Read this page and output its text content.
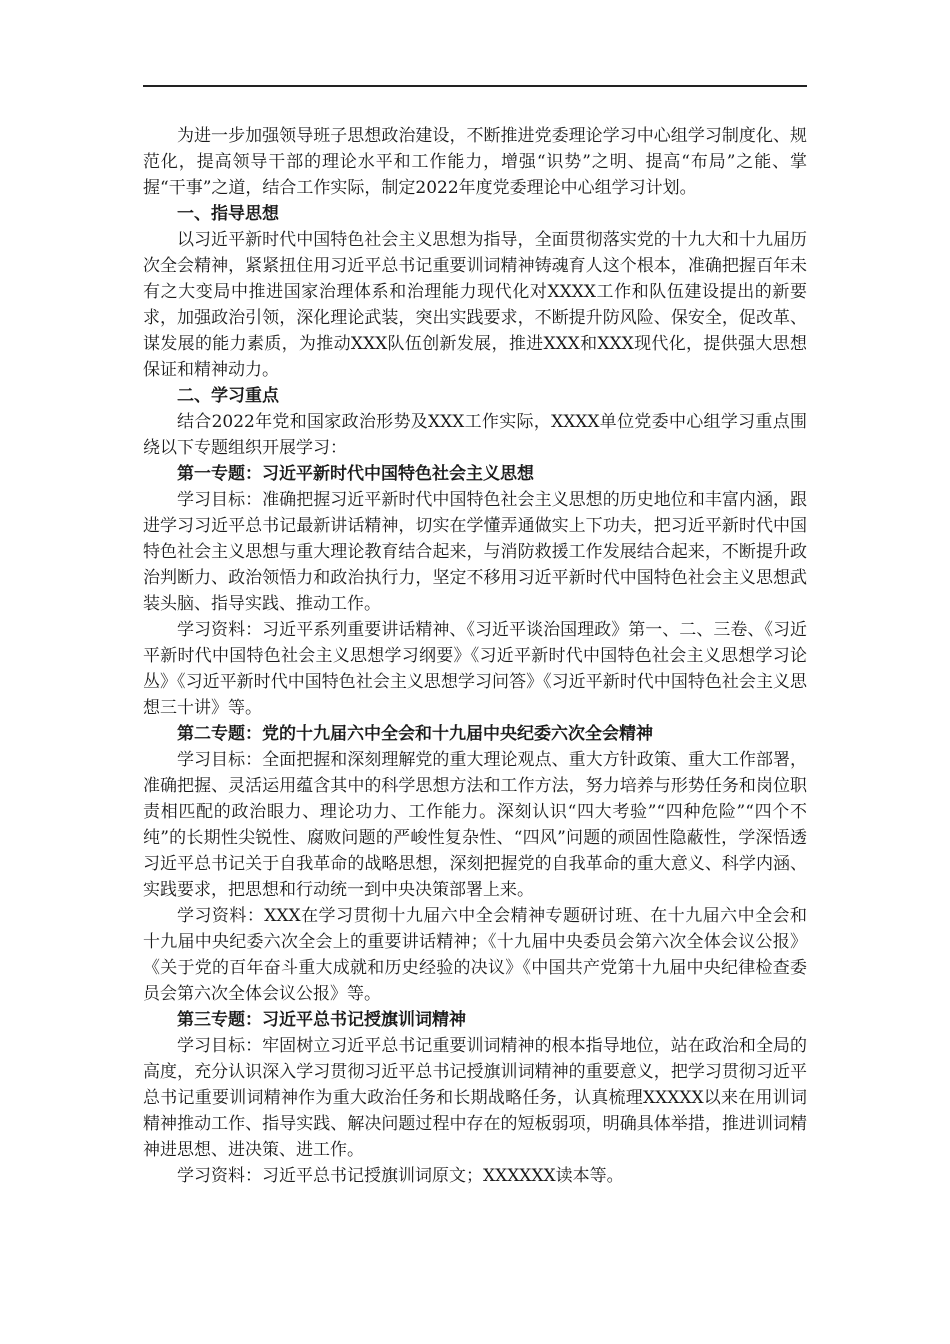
为进一步加强领导班子思想政治建设，不断推进党委理论学习中心组学习制度化、规范化，提高领导干部的理论水平和工作能力，增强“识势”之明、提高“布局”之能、掌握“干事”之道，结合工作实际，制定2022年度党委理论中心组学习计划。

一、指导思想

以习近平新时代中国特色社会主义思想为指导，全面贯彻落实党的十九大和十九届历次全会精神，紧紧扭住用习近平总书记重要训词精神铸魂育人这个根本，准确把握百年未有之大变局中推进国家治理体系和治理能力现代化对XXXX工作和队伍建设提出的新要求，加强政治引领，深化理论武装，突出实践要求，不断提升防风险、保安全，促改革、谋发展的能力素质，为推动XXX队伍创新发展，推进XXX和XXX现代化，提供强大思想保证和精神动力。

二、学习重点

结合2022年党和国家政治形势及XXX工作实际，XXXX单位党委中心组学习重点围绕以下专题组织开展学习：

第一专题：习近平新时代中国特色社会主义思想

学习目标：准确把握习近平新时代中国特色社会主义思想的历史地位和丰富内涵，跟进学习习近平总书记最新讲话精神，切实在学懂弄通做实上下功夫，把习近平新时代中国特色社会主义思想与重大理论教育结合起来，与消防救援工作发展结合起来，不断提升政治判断力、政治领悟力和政治执行力，坚定不移用习近平新时代中国特色社会主义思想武装头脑、指导实践、推动工作。

学习资料：习近平系列重要讲话精神、《习近平谈治国理政》第一、二、三卷、《习近平新时代中国特色社会主义思想学习纲要》《习近平新时代中国特色社会主义思想学习论丛》《习近平新时代中国特色社会主义思想学习问答》《习近平新时代中国特色社会主义思想三十讲》等。

第二专题：党的十九届六中全会和十九届中央纪委六次全会精神

学习目标：全面把握和深刻理解党的重大理论观点、重大方针政策、重大工作部署，准确把握、灵活运用蕴含其中的科学思想方法和工作方法，努力培养与形势任务和岗位职责相匹配的政治眼力、理论功力、工作能力。深刻认识“四大考验”“四种危险”“四个不纯”的长期性尖锐性、腐败问题的严峻性复杂性、“四风”问题的顽固性隐蔽性，学深悟透习近平总书记关于自我革命的战略思想，深刻把握党的自我革命的重大意义、科学内涵、实践要求，把思想和行动统一到中央决策部署上来。

学习资料：XXX在学习贯彻十九届六中全会精神专题研讨班、在十九届六中全会和十九届中央纪委六次全会上的重要讲话精神；《十九届中央委员会第六次全体会议公报》《关于党的百年奋斗重大成就和历史经验的决议》《中国共产党第十九届中央纪律检查委员会第六次全体会议公报》等。

第三专题：习近平总书记授旗训词精神

学习目标：牢固树立习近平总书记重要训词精神的根本指导地位，站在政治和全局的高度，充分认识深入学习贯彻习近平总书记授旗训词精神的重要意义，把学习贯彻习近平总书记重要训词精神作为重大政治任务和长期战略任务，认真梳理XXXXX以来在用训词精神推动工作、指导实践、解决问题过程中存在的短板弱项，明确具体举措，推进训词精神进思想、进决策、进工作。

学习资料：习近平总书记授旗训词原文；XXXXXX读本等。
